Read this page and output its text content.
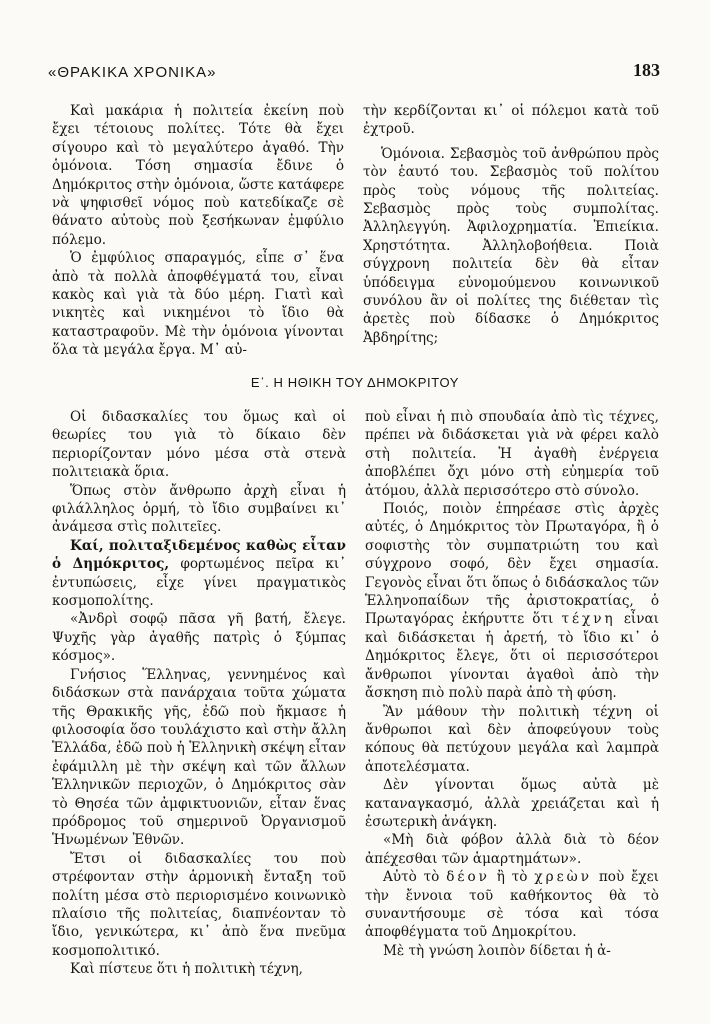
«ΘΡΑΚΙΚΑ ΧΡΟΝΙΚΑ»	183

Καὶ μακάρια ἡ πολιτεία ἐκείνη ποὺ ἔχει τέτοιους πολίτες. Τότε θὰ ἔχει σίγουρο καὶ τὸ μεγαλύτερο ἀγαθό. Τὴν ὁμόνοια. Τόση σημασία ἔδινε ὁ Δημόκριτος στὴν ὁμόνοια, ὥστε κατάφερε νὰ ψηφισθεῖ νόμος ποὺ κατεδίκαζε σὲ θάνατο αὐτοὺς ποὺ ξεσήκωναν ἐμφύλιο πόλεμο.

Ὁ ἐμφύλιος σπαραγμός, εἶπε σ᾽ ἕνα ἀπὸ τὰ πολλὰ ἀποφθέγματά του, εἶναι κακὸς καὶ γιὰ τὰ δύο μέρη. Γιατὶ καὶ νικητὲς καὶ νικημένοι τὸ ἴδιο θὰ καταστραφοῦν. Μὲ τὴν ὁμόνοια γίνονται ὅλα τὰ μεγάλα ἔργα. Μ᾽ αὐ-

τὴν κερδίζονται κι᾽ οἱ πόλεμοι κατὰ τοῦ ἐχτροῦ.

Ὁμόνοια. Σεβασμὸς τοῦ ἀνθρώπου πρὸς τὸν ἑαυτό του. Σεβασμὸς τοῦ πολίτου πρὸς τοὺς νόμους τῆς πολιτείας. Σεβασμὸς πρὸς τοὺς συμπολίτας. Ἀλληλεγγύη. Ἀφιλοχρηματία. Ἐπιείκια. Χρηστότητα. Ἀλληλοβοήθεια. Ποιὰ σύγχρονη πολιτεία δὲν θὰ εἶταν ὑπόδειγμα εὐνομούμενου κοινωνικοῦ συνόλου ἂν οἱ πολίτες της διέθεταν τὶς ἀρετὲς ποὺ δίδασκε ὁ Δημόκριτος Ἀβδηρίτης;

Ε᾽. Η ΗΘΙΚΗ ΤΟΥ ΔΗΜΟΚΡΙΤΟΥ

Οἱ διδασκαλίες του ὅμως καὶ οἱ θεωρίες του γιὰ τὸ δίκαιο δὲν περιορίζονταν μόνο μέσα στὰ στενὰ πολιτειακὰ ὅρια.

Ὅπως στὸν ἄνθρωπο ἀρχὴ εἶναι ἡ φιλάλληλος ὁρμή, τὸ ἴδιο συμβαίνει κι᾽ ἀνάμεσα στὶς πολιτεῖες.

Καί, πολιταξιδεμένος καθὼς εἶταν ὁ Δημόκριτος, φορτωμένος πεῖρα κι᾽ ἐντυπώσεις, εἶχε γίνει πραγματικὸς κοσμοπολίτης.

«Ἀνδρὶ σοφῷ πᾶσα γῆ βατή, ἔλεγε. Ψυχῆς γὰρ ἀγαθῆς πατρὶς ὁ ξύμπας κόσμος».

Γνήσιος Ἕλληνας, γεννημένος καὶ διδάσκων στὰ πανάρχαια τοῦτα χώματα τῆς Θρακικῆς γῆς, ἐδῶ ποὺ ἤκμασε ἡ φιλοσοφία ὅσο τουλάχιστο καὶ στὴν ἄλλη Ἑλλάδα, ἐδῶ ποὺ ἡ Ἑλληνικὴ σκέψη εἶταν ἐφάμιλλη μὲ τὴν σκέψη καὶ τῶν ἄλλων Ἑλληνικῶν περιοχῶν, ὁ Δημόκριτος σὰν τὸ Θησέα τῶν ἀμφικτυονιῶν, εἶταν ἕνας πρόδρομος τοῦ σημερινοῦ Ὀργανισμοῦ Ἡνωμένων Ἐθνῶν.

Ἔτσι οἱ διδασκαλίες του ποὺ στρέφονταν στὴν ἁρμονικὴ ἔνταξη τοῦ πολίτη μέσα στὸ περιορισμένο κοινωνικὸ πλαίσιο τῆς πολιτείας, διαπνέονταν τὸ ἴδιο, γενικώτερα, κι᾽ ἀπὸ ἕνα πνεῦμα κοσμοπολιτικό.

Καὶ πίστευε ὅτι ἡ πολιτικὴ τέχνη,

ποὺ εἶναι ἡ πιὸ σπουδαία ἀπὸ τὶς τέχνες, πρέπει νὰ διδάσκεται γιὰ νὰ φέρει καλὸ στὴ πολιτεία. Ἡ ἀγαθὴ ἐνέργεια ἀποβλέπει ὄχι μόνο στὴ εὐημερία τοῦ ἀτόμου, ἀλλὰ περισσότερο στὸ σύνολο.

Ποιός, ποιὸν ἐπηρέασε στὶς ἀρχὲς αὐτές, ὁ Δημόκριτος τὸν Πρωταγόρα, ἢ ὁ σοφιστὴς τὸν συμπατριώτη του καὶ σύγχρονο σοφό, δὲν ἔχει σημασία. Γεγονὸς εἶναι ὅτι ὅπως ὁ διδάσκαλος τῶν Ἑλληνοπαίδων τῆς ἀριστοκρατίας, ὁ Πρωταγόρας ἐκήρυττε ὅτι τέχνη εἶναι καὶ διδάσκεται ἡ ἀρετή, τὸ ἴδιο κι᾽ ὁ Δημόκριτος ἔλεγε, ὅτι οἱ περισσότεροι ἄνθρωποι γίνονται ἀγαθοὶ ἀπὸ τὴν ἄσκηση πιὸ πολὺ παρὰ ἀπὸ τὴ φύση.

Ἂν μάθουν τὴν πολιτικὴ τέχνη οἱ ἄνθρωποι καὶ δὲν ἀποφεύγουν τοὺς κόπους θὰ πετύχουν μεγάλα καὶ λαμπρὰ ἀποτελέσματα.

Δὲν γίνονται ὅμως αὐτὰ μὲ καταναγκασμό, ἀλλὰ χρειάζεται καὶ ἡ ἐσωτερικὴ ἀνάγκη.

«Μὴ διὰ φόβον ἀλλὰ διὰ τὸ δέον ἀπέχεσθαι τῶν ἁμαρτημάτων».

Αὐτὸ τὸ δέον ἢ τὸ χρεὼν ποὺ ἔχει τὴν ἔννοια τοῦ καθήκοντος θὰ τὸ συναντήσουμε σὲ τόσα καὶ τόσα ἀποφθέγματα τοῦ Δημοκρίτου.

Μὲ τὴ γνώση λοιπὸν δίδεται ἡ ἀ-
